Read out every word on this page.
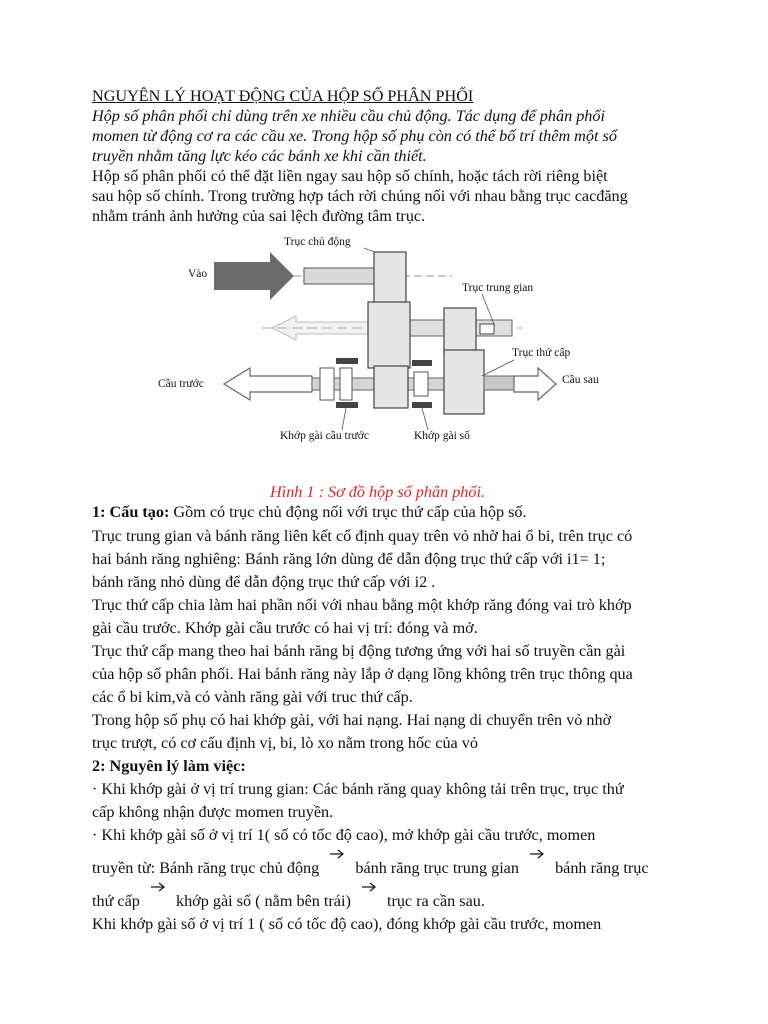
NGUYÊN LÝ HOẠT ĐỘNG CỦA HỘP SỐ PHÂN PHỐI
Hộp số phân phối chỉ dùng trên xe nhiều cầu chủ động. Tác dụng để phân phối
momen từ động cơ ra các cầu xe. Trong hộp số phụ còn có thể bố trí thêm một số
truyền nhằm tăng lực kéo các bánh xe khi cần thiết.
Hộp số phân phối có thể đặt liền ngay sau hộp số chính, hoặc tách rời riêng biệt
sau hộp số chính. Trong trường hợp tách rời chúng nối với nhau bằng trục cacđăng
nhằm tránh ảnh hưởng của sai lệch đường tâm trục.
Trục chủ động
Vào
Trục trung gian
Trục thứ cấp
Cầu trước	Cầu sau
Khớp gài cầu trước	Khớp gài số
Hình 1 : Sơ đồ hộp số phân phối.
1: Cấu tạo: Gồm có trục chủ động nối với trục thứ cấp của hộp số.
Trục trung gian và bánh răng liên kết cố định quay trên vỏ nhờ hai ổ bi, trên trục có
hai bánh răng nghiêng: Bánh răng lớn dùng để dẫn động trục thứ cấp với i1= 1;
bánh răng nhỏ dùng để dẫn động trục thứ cấp với i2 .
Trục thứ cấp chia làm hai phần nối với nhau bằng một khớp răng đóng vai trò khớp
gài cầu trước. Khớp gài cầu trước có hai vị trí: đóng và mở.
Trục thứ cấp mang theo hai bánh răng bị động tương ứng với hai số truyền cần gài
của hộp số phân phối. Hai bánh răng này lắp ở dạng lồng không trên trục thông qua
các ổ bi kim,và có vành răng gài với truc thứ cấp.
Trong hộp số phụ có hai khớp gài, với hai nạng. Hai nạng di chuyển trên vỏ nhờ
trục trượt, có cơ cấu định vị, bi, lò xo nằm trong hốc của vỏ
2: Nguyên lý làm việc:
· Khi khớp gài ở vị trí trung gian: Các bánh răng quay không tải trên trục, trục thứ
cấp không nhận được momen truyền.
· Khi khớp gài số ở vị trí 1( số có tốc độ cao), mở khớp gài cầu trước, momen
truyền từ: Bánh răng trục chủ động bánh răng trục trung gian bánh răng trục
thứ cấp khớp gài số ( nằm bên trái) trục ra cần sau.
Khi khớp gài số ở vị trí 1 ( số có tốc độ cao), đóng khớp gài cầu trước, momen
